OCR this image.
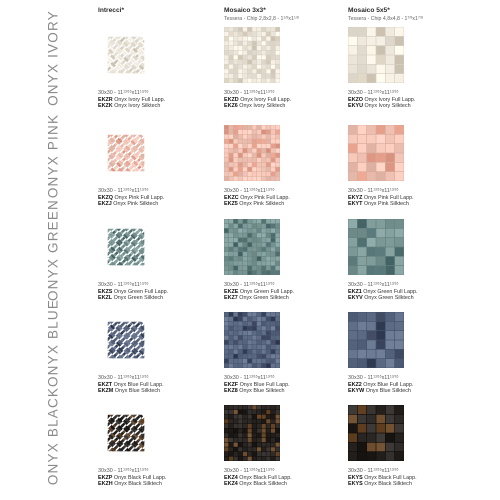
Intrecci*	Mosaico 3x3*
Tessera - Chip $2,8x2,8 - 1^{1/8}x1^{1/8}$
Mosaico 5x5*
Tessera - Chip $4,8x4,8 - 1^{7/8}x1^{7/8}$
ONYX IVORY	$30x30 - 11^{13/16}x11^{13/16}$
EKZR Onyx Ivory Full Lapp.
EKZK Onyx Ivory Silktech
$30x30 - 11^{13/16}x11^{13/16}$
EKZD Onyx Ivory Full Lapp.
EKZ6 Onyx Ivory Silktech
$30x30 - 11^{13/16}x11^{13/16}$
EKZO Onyx Ivory Full Lapp.
EKYU Onyx Ivory Silktech
ONYX PINK	$30x30 - 11^{13/16}x11^{13/16}$
EKZQ Onyx Pink Full Lapp.
EKZJ Onyx Pink Silktech
$30x30 - 11^{13/16}x11^{13/16}$
EKZC Onyx Pink Full Lapp.
EKZ5 Onyx Pink Silktech
$30x30 - 11^{13/16}x11^{13/16}$
EKYZ Onyx Pink Full Lapp.
EKYT Onyx Pink Silktech
ONYX GREEN	$30x30 - 11^{13/16}x11^{13/16}$
EKZS Onyx Green Full Lapp.
EKZL Onyx Green Silktech
$30x30 - 11^{13/16}x11^{13/16}$
EKZE Onyx Green Full Lapp.
EKZ7 Onyx Green Silktech
$30x30 - 11^{13/16}x11^{13/16}$
EKZ1 Onyx Green Full Lapp.
EKYV Onyx Green Silktech
ONYX BLUE	$30x30 - 11^{13/16}x11^{13/16}$
EKZT Onyx Blue Full Lapp.
EKZM Onyx Blue Silktech
$30x30 - 11^{13/16}x11^{13/16}$
EKZF Onyx Blue Full Lapp.
EKZ8 Onyx Blue Silktech
$30x30 - 11^{13/16}x11^{13/16}$
EKZ2 Onyx Blue Full Lapp.
EKYW Onyx Blue Silktech
ONYX BLACK	$30x30 - 11^{13/16}x11^{13/16}$
EKZP Onyx Black Full Lapp.
EKZH Onyx Black Silktech
$30x30 - 11^{13/16}x11^{13/16}$
EKZ4 Onyx Black Full Lapp.
EKZ4 Onyx Black Silktech
$30x30 - 11^{13/16}x11^{13/16}$
EKYS Onyx Black Full Lapp.
EKYS Onyx Black Silktech
